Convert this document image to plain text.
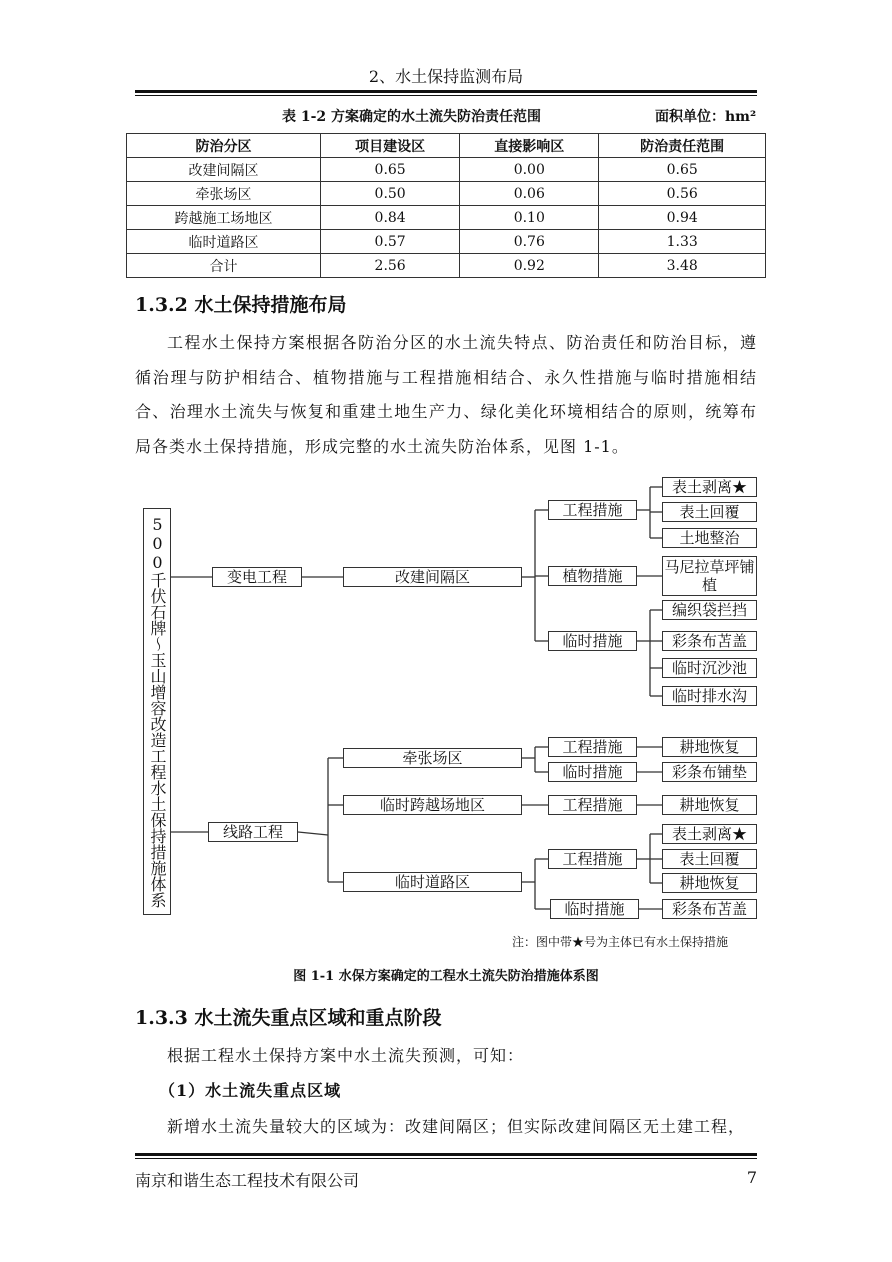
2、水土保持监测布局
表 1-2 方案确定的水土流失防治责任范围	面积单位：hm²
防治分区	项目建设区	直接影响区	防治责任范围
改建间隔区	0.65	0.00	0.65
牵张场区	0.50	0.06	0.56
跨越施工场地区	0.84	0.10	0.94
临时道路区	0.57	0.76	1.33
合计	2.56	0.92	3.48
1.3.2 水土保持措施布局
工程水土保持方案根据各防治分区的水土流失特点、防治责任和防治目标，遵循治理与防护相结合、植物措施与工程措施相结合、永久性措施与临时措施相结合、治理水土流失与恢复和重建土地生产力、绿化美化环境相结合的原则，统筹布局各类水土保持措施，形成完整的水土流失防治体系，见图 1-1。
500千伏石牌～玉山增容改造工程水土保持措施体系	变电工程	改建间隔区
工程措施
植物措施
临时措施
表土剥离★
表土回覆
土地整治
马尼拉草坪铺植
编织袋拦挡
彩条布苫盖
临时沉沙池
临时排水沟
线路工程
牵张场区
临时跨越场地区
临时道路区
工程措施
临时措施
耕地恢复
彩条布铺垫
工程措施	耕地恢复
工程措施
临时措施
表土剥离★
表土回覆
耕地恢复
彩条布苫盖
注：图中带★号为主体已有水土保持措施
图 1-1 水保方案确定的工程水土流失防治措施体系图
1.3.3 水土流失重点区域和重点阶段
根据工程水土保持方案中水土流失预测，可知：
（1）水土流失重点区域
新增水土流失量较大的区域为：改建间隔区；但实际改建间隔区无土建工程，
南京和谐生态工程技术有限公司	7
